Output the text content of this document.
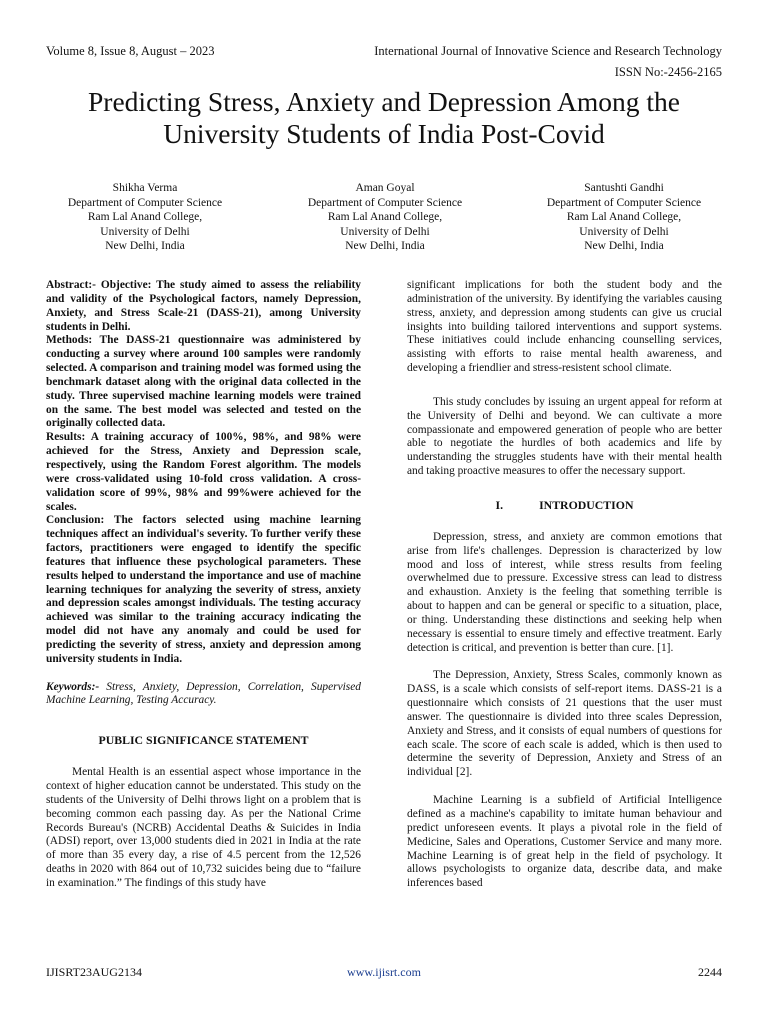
Volume 8, Issue 8, August – 2023	International Journal of Innovative Science and Research Technology
ISSN No:-2456-2165
Predicting Stress, Anxiety and Depression Among the University Students of India Post-Covid
Shikha Verma
Department of Computer Science
Ram Lal Anand College,
University of Delhi
New Delhi, India
Aman Goyal
Department of Computer Science
Ram Lal Anand College,
University of Delhi
New Delhi, India
Santushti Gandhi
Department of Computer Science
Ram Lal Anand College,
University of Delhi
New Delhi, India

Abstract:- Objective: The study aimed to assess the reliability and validity of the Psychological factors, namely Depression, Anxiety, and Stress Scale-21 (DASS-21), among University students in Delhi.

Methods: The DASS-21 questionnaire was administered by conducting a survey where around 100 samples were randomly selected. A comparison and training model was formed using the benchmark dataset along with the original data collected in the study. Three supervised machine learning models were trained on the same. The best model was selected and tested on the originally collected data.

Results: A training accuracy of 100%, 98%, and 98% were achieved for the Stress, Anxiety and Depression scale, respectively, using the Random Forest algorithm. The models were cross-validated using 10-fold cross validation. A cross-validation score of 99%, 98% and 99%were achieved for the scales.

Conclusion: The factors selected using machine learning techniques affect an individual's severity. To further verify these factors, practitioners were engaged to identify the specific features that influence these psychological parameters. These results helped to understand the importance and use of machine learning techniques for analyzing the severity of stress, anxiety and depression scales amongst individuals. The testing accuracy achieved was similar to the training accuracy indicating the model did not have any anomaly and could be used for predicting the severity of stress, anxiety and depression among university students in India.

Keywords:- Stress, Anxiety, Depression, Correlation, Supervised Machine Learning, Testing Accuracy.

PUBLIC SIGNIFICANCE STATEMENT

Mental Health is an essential aspect whose importance in the context of higher education cannot be understated. This study on the students of the University of Delhi throws light on a problem that is becoming common each passing day. As per the National Crime Records Bureau's (NCRB) Accidental Deaths & Suicides in India (ADSI) report, over 13,000 students died in 2021 in India at the rate of more than 35 every day, a rise of 4.5 percent from the 12,526 deaths in 2020 with 864 out of 10,732 suicides being due to “failure in examination.” The findings of this study have

significant implications for both the student body and the administration of the university. By identifying the variables causing stress, anxiety, and depression among students can give us crucial insights into building tailored interventions and support systems. These initiatives could include enhancing counselling services, assisting with efforts to raise mental health awareness, and developing a friendlier and stress-resistent school climate.

This study concludes by issuing an urgent appeal for reform at the University of Delhi and beyond. We can cultivate a more compassionate and empowered generation of people who are better able to negotiate the hurdles of both academics and life by understanding the struggles students have with their mental health and taking proactive measures to offer the necessary support.

I.	INTRODUCTION

Depression, stress, and anxiety are common emotions that arise from life's challenges. Depression is characterized by low mood and loss of interest, while stress results from feeling overwhelmed due to pressure. Excessive stress can lead to distress and exhaustion. Anxiety is the feeling that something terrible is about to happen and can be general or specific to a situation, place, or thing. Understanding these distinctions and seeking help when necessary is essential to ensure timely and effective treatment. Early detection is critical, and prevention is better than cure. [1].

The Depression, Anxiety, Stress Scales, commonly known as DASS, is a scale which consists of self-report items. DASS-21 is a questionnaire which consists of 21 questions that the user must answer. The questionnaire is divided into three scales Depression, Anxiety and Stress, and it consists of equal numbers of questions for each scale. The score of each scale is added, which is then used to determine the severity of Depression, Anxiety and Stress of an individual [2].

Machine Learning is a subfield of Artificial Intelligence defined as a machine's capability to imitate human behaviour and predict unforeseen events. It plays a pivotal role in the field of Medicine, Sales and Operations, Customer Service and many more. Machine Learning is of great help in the field of psychology. It allows psychologists to organize data, describe data, and make inferences based

IJISRT23AUG2134	www.ijisrt.com	2244
